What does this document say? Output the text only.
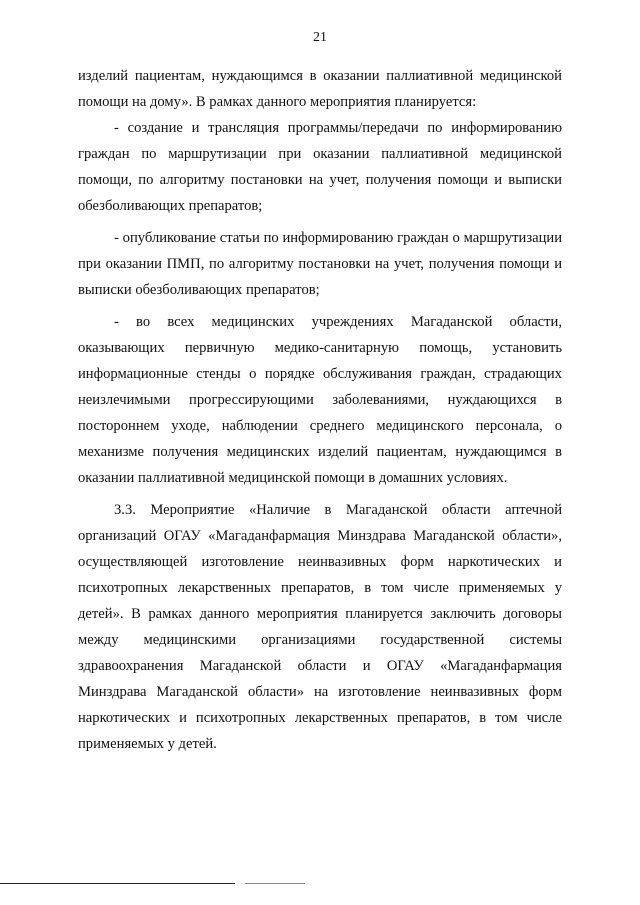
21

изделий пациентам, нуждающимся в оказании паллиативной медицинской помощи на дому». В рамках данного мероприятия планируется:

- создание и трансляция программы/передачи по информированию граждан по маршрутизации при оказании паллиативной медицинской помощи, по алгоритму постановки на учет, получения помощи и выписки обезболивающих препаратов;

- опубликование статьи по информированию граждан о маршрутизации при оказании ПМП, по алгоритму постановки на учет, получения помощи и выписки обезболивающих препаратов;

- во всех медицинских учреждениях Магаданской области, оказывающих первичную медико-санитарную помощь, установить информационные стенды о порядке обслуживания граждан, страдающих неизлечимыми прогрессирующими заболеваниями, нуждающихся в постороннем уходе, наблюдении среднего медицинского персонала, о механизме получения медицинских изделий пациентам, нуждающимся в оказании паллиативной медицинской помощи в домашних условиях.

3.3. Мероприятие «Наличие в Магаданской области аптечной организаций ОГАУ «Магаданфармация Минздрава Магаданской области», осуществляющей изготовление неинвазивных форм наркотических и психотропных лекарственных препаратов, в том числе применяемых у детей». В рамках данного мероприятия планируется заключить договоры между медицинскими организациями государственной системы здравоохранения Магаданской области и ОГАУ «Магаданфармация Минздрава Магаданской области» на изготовление неинвазивных форм наркотических и психотропных лекарственных препаратов, в том числе применяемых у детей.
